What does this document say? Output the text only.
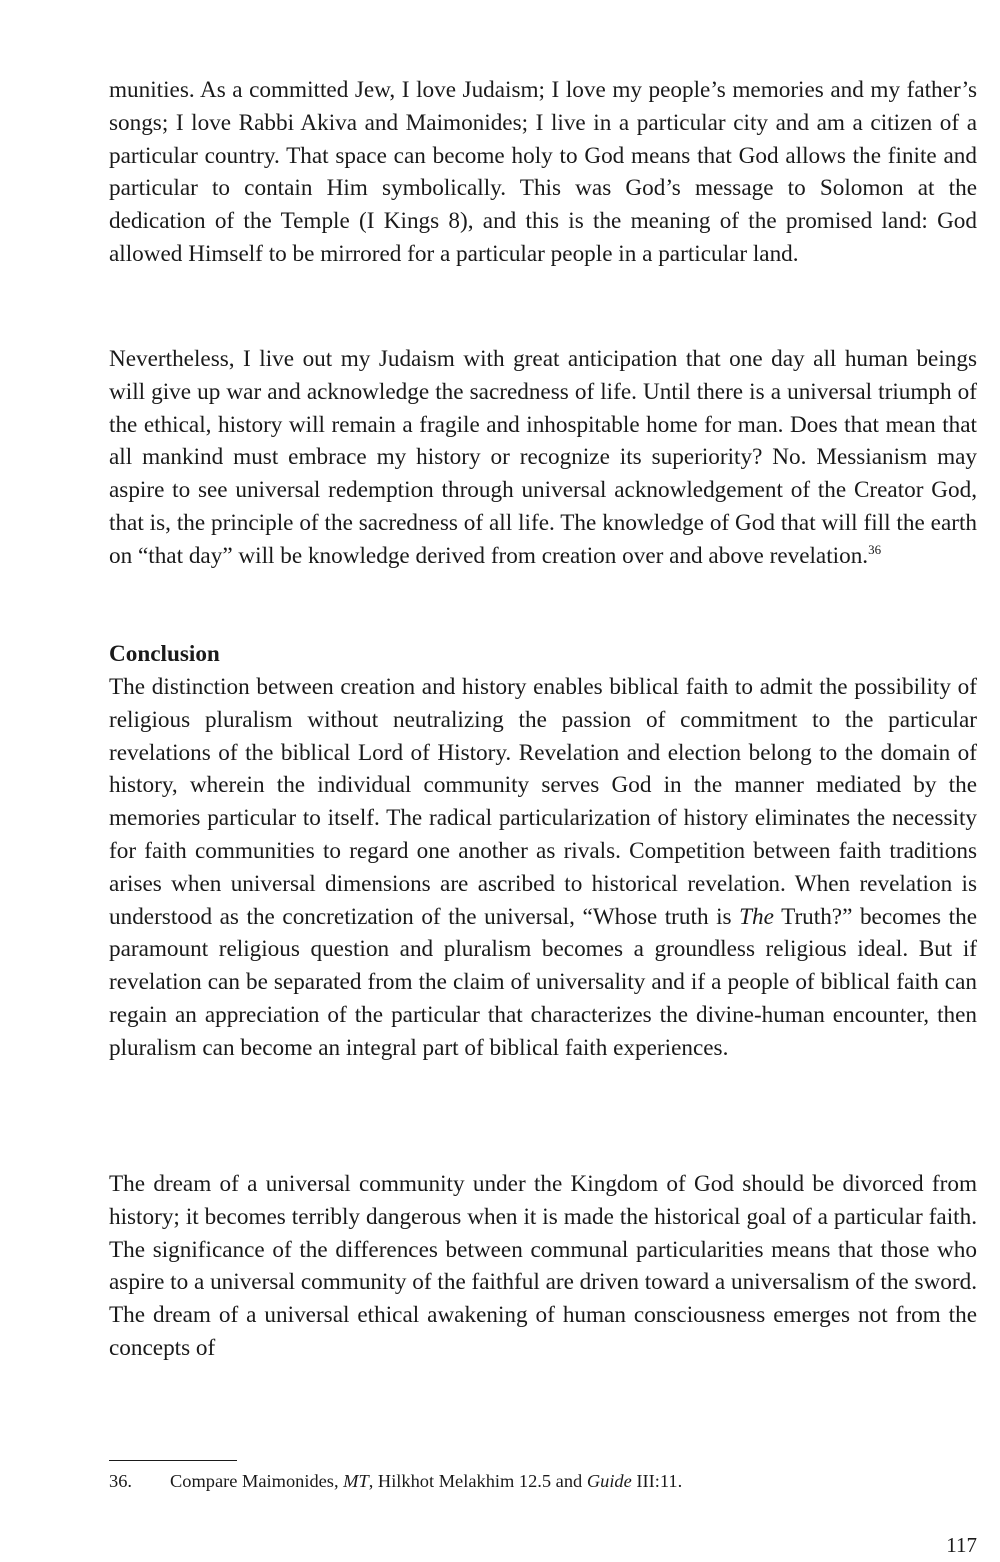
munities. As a committed Jew, I love Judaism; I love my people’s memories and my father’s songs; I love Rabbi Akiva and Maimonides; I live in a particular city and am a citizen of a particular country. That space can become holy to God means that God allows the finite and particular to contain Him symbolically. This was God’s message to Solomon at the dedication of the Temple (I Kings 8), and this is the meaning of the promised land: God allowed Himself to be mirrored for a particular people in a particular land.

Nevertheless, I live out my Judaism with great anticipation that one day all human beings will give up war and acknowledge the sacredness of life. Until there is a universal triumph of the ethical, history will remain a fragile and inhospitable home for man. Does that mean that all mankind must embrace my history or recognize its superiority? No. Messianism may aspire to see universal redemption through universal acknowledgement of the Creator God, that is, the principle of the sacredness of all life. The knowledge of God that will fill the earth on “that day” will be knowledge derived from creation over and above revelation.$^{36}$

Conclusion

The distinction between creation and history enables biblical faith to admit the possibility of religious pluralism without neutralizing the passion of commitment to the particular revelations of the biblical Lord of History. Revelation and election belong to the domain of history, wherein the individual community serves God in the manner mediated by the memories particular to itself. The radical particularization of history eliminates the necessity for faith communities to regard one another as rivals. Competition between faith traditions arises when universal dimensions are ascribed to historical revelation. When revelation is understood as the concretization of the universal, “Whose truth is The Truth?” becomes the paramount religious question and pluralism becomes a groundless religious ideal. But if revelation can be separated from the claim of universality and if a people of biblical faith can regain an appreciation of the particular that characterizes the divine-human encounter, then pluralism can become an integral part of biblical faith experiences.

The dream of a universal community under the Kingdom of God should be divorced from history; it becomes terribly dangerous when it is made the historical goal of a particular faith. The significance of the differences between communal particularities means that those who aspire to a universal community of the faithful are driven toward a universalism of the sword. The dream of a universal ethical awakening of human consciousness emerges not from the concepts of

36. Compare Maimonides, MT, Hilkhot Melakhim 12.5 and Guide III:11.

117
